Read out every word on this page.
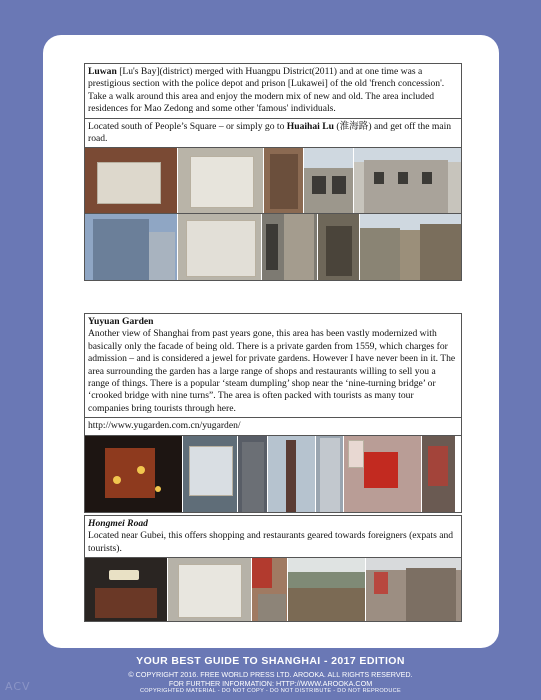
Luwan [Lu's Bay](district) merged with Huangpu District(2011) and at one time was a prestigious section with the police depot and prison [Lukawei] of the old 'french concession'.
Take a walk around this area and enjoy the modern mix of new and old. The area included residences for Mao Zedong and some other 'famous' individuals.
Located south of People’s Square – or simply go to Huaihai Lu (淮海路) and get off the main road.
Yuyuan Garden
Another view of Shanghai from past years gone, this area has been vastly modernized with basically only the facade of being old. There is a private garden from 1559, which charges for admission – and is considered a jewel for private gardens. However I have never been in it. The area surrounding the garden has a large range of shops and restaurants willing to sell you a range of things. There is a popular ‘steam dumpling’ shop near the ‘nine-turning bridge’ or ‘crooked bridge with nine turns”. The area is often packed with tourists as many tour companies bring tourists through here.
http://www.yugarden.com.cn/yugarden/
Hongmei Road
Located near Gubei, this offers shopping and restaurants geared towards foreigners (expats and tourists).
YOUR BEST GUIDE TO SHANGHAI - 2017 EDITION
© COPYRIGHT 2016. FREE WORLD PRESS LTD. AROOKA. ALL RIGHTS RESERVED.
FOR FURTHER INFORMATION: HTTP://WWW.AROOKA.COM
COPYRIGHTED MATERIAL - DO NOT COPY - DO NOT DISTRIBUTE - DO NOT REPRODUCE
ACV
